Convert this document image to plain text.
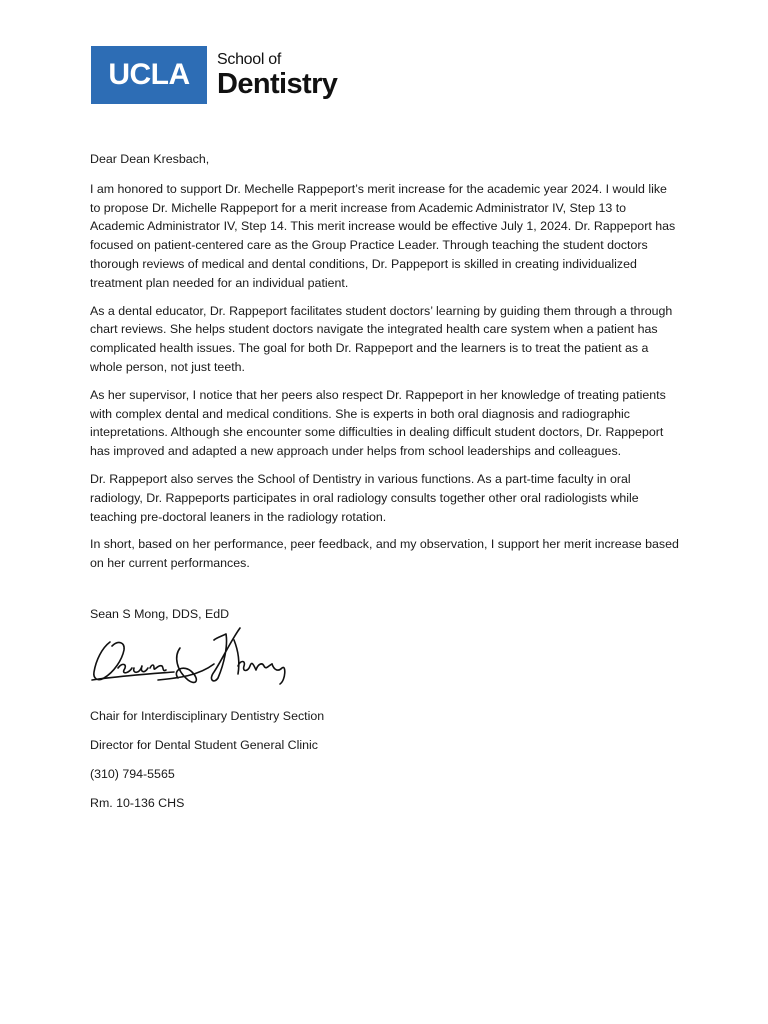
UCLA	School of
Dentistry

Dear Dean Kresbach,

I am honored to support Dr. Mechelle Rappeport’s merit increase for the academic year 2024. I would like to propose Dr. Michelle Rappeport for a merit increase from Academic Administrator IV, Step 13 to Academic Administrator IV, Step 14. This merit increase would be effective July 1, 2024. Dr. Rappeport has focused on patient-centered care as the Group Practice Leader. Through teaching the student doctors thorough reviews of medical and dental conditions, Dr. Pappeport is skilled in creating individualized treatment plan needed for an individual patient.

As a dental educator, Dr. Rappeport facilitates student doctors’ learning by guiding them through a through chart reviews. She helps student doctors navigate the integrated health care system when a patient has complicated health issues. The goal for both Dr. Rappeport and the learners is to treat the patient as a whole person, not just teeth.

As her supervisor, I notice that her peers also respect Dr. Rappeport in her knowledge of treating patients with complex dental and medical conditions. She is experts in both oral diagnosis and radiographic intepretations. Although she encounter some difficulties in dealing difficult student doctors, Dr. Rappeport has improved and adapted a new approach under helps from school leaderships and colleagues.

Dr. Rappeport also serves the School of Dentistry in various functions. As a part-time faculty in oral radiology, Dr. Rappeports participates in oral radiology consults together other oral radiologists while teaching pre-doctoral leaners in the radiology rotation.

In short, based on her performance, peer feedback, and my observation, I support her merit increase based on her current performances.

Sean S Mong, DDS, EdD
Chair for Interdisciplinary Dentistry Section
Director for Dental Student General Clinic
(310) 794-5565
Rm. 10-136 CHS
